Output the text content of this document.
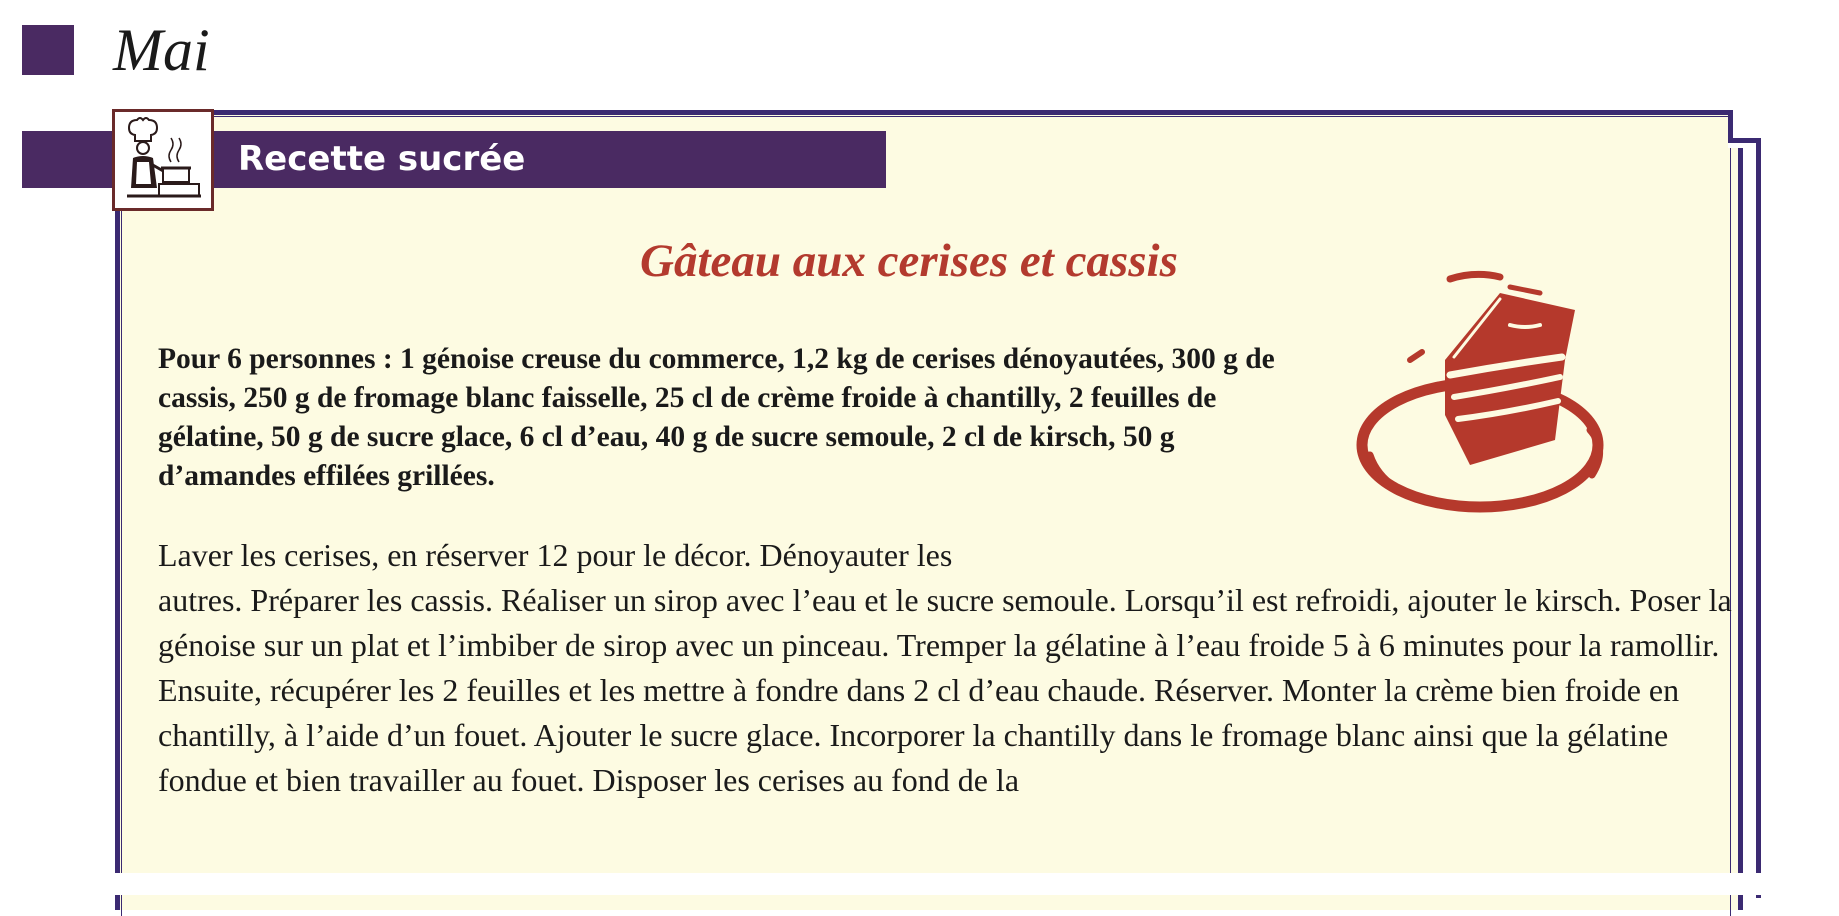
Mai
Recette sucrée
Gâteau aux cerises et cassis

Pour 6 personnes : 1 génoise creuse du commerce, 1,2 kg de cerises dénoyautées, 300 g de cassis, 250 g de fromage blanc faisselle, 25 cl de crème froide à chantilly, 2 feuilles de gélatine, 50 g de sucre glace, 6 cl d’eau, 40 g de sucre semoule, 2 cl de kirsch, 50 g d’amandes effilées grillées.

Laver les cerises, en réserver 12 pour le décor. Dénoyauter les
autres. Préparer les cassis. Réaliser un sirop avec l’eau et le sucre semoule. Lorsqu’il est refroidi, ajouter le kirsch. Poser la génoise sur un plat et l’imbiber de sirop avec un pinceau. Tremper la gélatine à l’eau froide 5 à 6 minutes pour la ramollir. Ensuite, récupérer les 2 feuilles et les mettre à fondre dans 2 cl d’eau chaude. Réserver. Monter la crème bien froide en chantilly, à l’aide d’un fouet. Ajouter le sucre glace. Incorporer la chantilly dans le fromage blanc ainsi que la gélatine fondue et bien travailler au fouet. Disposer les cerises au fond de la
